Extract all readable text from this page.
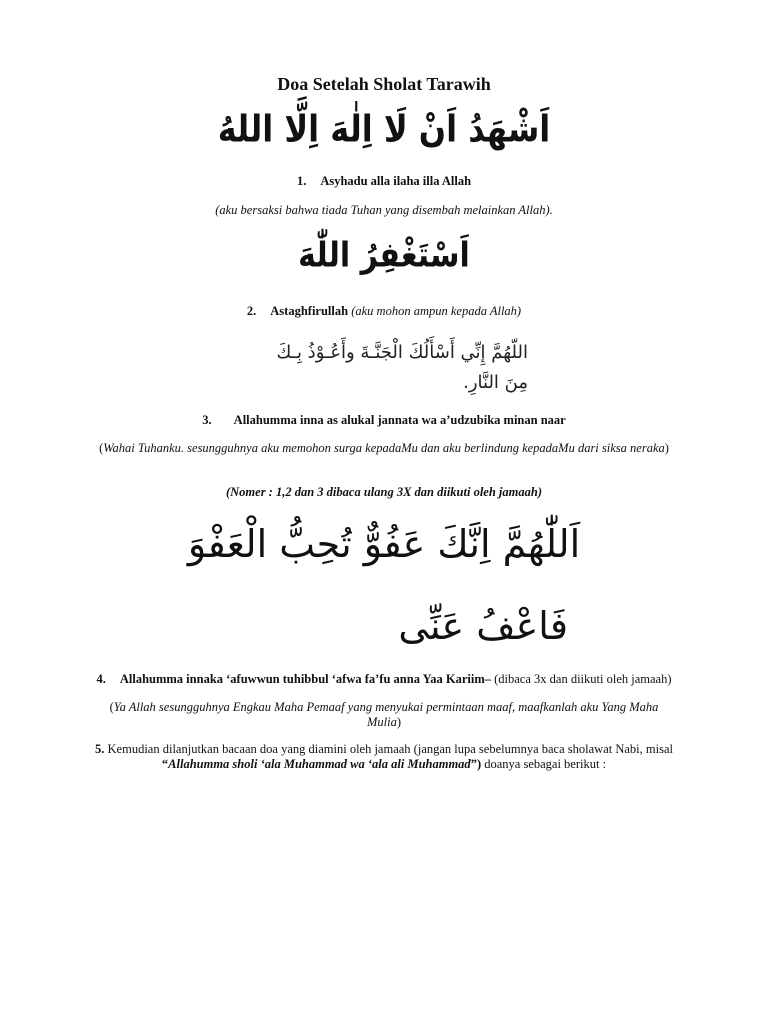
Doa Setelah Sholat Tarawih
اَشْهَدُ اَنْ لَا اِلٰهَ اِلَّا اللهُ
1. Asyhadu alla ilaha illa Allah
(aku bersaksi bahwa tiada Tuhan yang disembah melainkan Allah).
اَسْتَغْفِرُ اللّٰهَ
2. Astaghfirullah (aku mohon ampun kepada Allah)
اللّهُمَّ إِنِّي أَسْأَلُكَ الْجَنَّـةَ وأَعُـوْذُ بِـكَ
مِنَ النَّارِ.
3. Allahumma inna as alukal jannata wa a’udzubika minan naar
(Wahai Tuhanku. sesungguhnya aku memohon surga kepadaMu dan aku berlindung kepadaMu dari siksa neraka)
(Nomer : 1,2 dan 3 dibaca ulang 3X dan diikuti oleh jamaah)
اَللّٰهُمَّ اِنَّكَ عَفُوٌّ تُحِبُّ الْعَفْوَ
فَاعْفُ عَنِّى
4. Allahumma innaka ‘afuwwun tuhibbul ‘afwa fa’fu anna Yaa Kariim– (dibaca 3x dan diikuti oleh jamaah)
(Ya Allah sesungguhnya Engkau Maha Pemaaf yang menyukai permintaan maaf, maafkanlah aku Yang Maha Mulia)
5. Kemudian dilanjutkan bacaan doa yang diamini oleh jamaah (jangan lupa sebelumnya baca sholawat Nabi, misal “Allahumma sholi ‘ala Muhammad wa ‘ala ali Muhammad”) doanya sebagai berikut :
